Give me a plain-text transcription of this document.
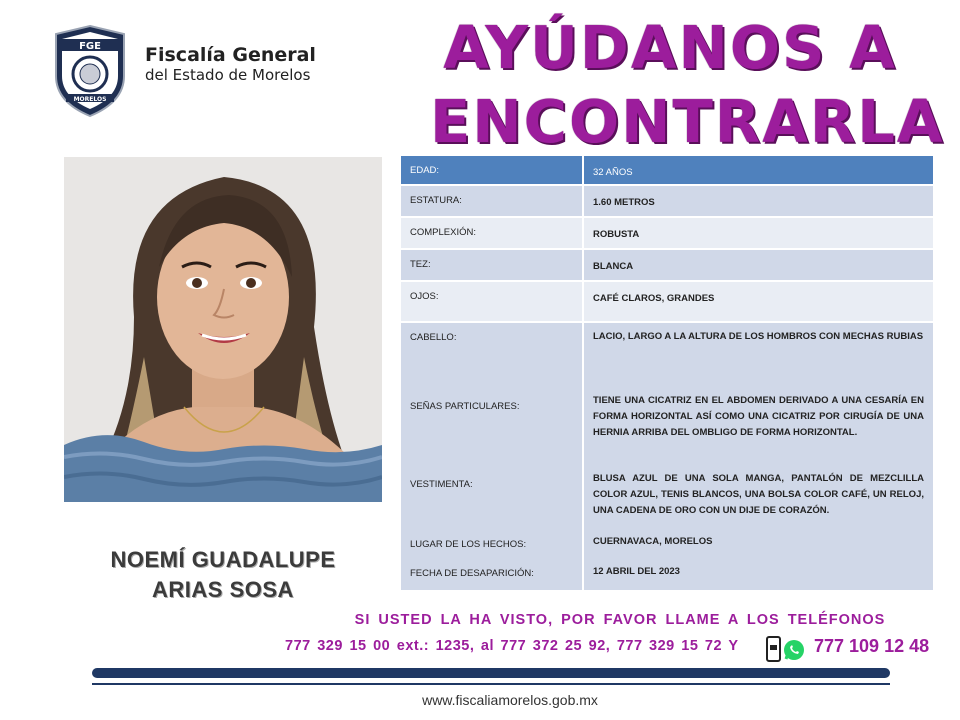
FGE
MORELOS
Fiscalía General
del Estado de Morelos AYÚDANOS A
ENCONTRARLA
NOEMÍ GUADALUPE
ARIAS SOSA
EDAD:	32 AÑOS
ESTATURA:	1.60 METROS
COMPLEXIÓN:	ROBUSTA
TEZ:	BLANCA
OJOS:	CAFÉ CLAROS, GRANDES
CABELLO:	LACIO, LARGO A LA ALTURA DE LOS HOMBROS CON MECHAS RUBIAS
SEÑAS PARTICULARES:
TIENE UNA CICATRIZ EN EL ABDOMEN DERIVADO A UNA CESARÍA EN FORMA HORIZONTAL ASÍ COMO UNA CICATRIZ POR CIRUGÍA DE UNA HERNIA ARRIBA DEL OMBLIGO DE FORMA HORIZONTAL.
VESTIMENTA:
BLUSA AZUL DE UNA SOLA MANGA, PANTALÓN DE MEZCLILLA COLOR AZUL, TENIS BLANCOS, UNA BOLSA COLOR CAFÉ, UN RELOJ, UNA CADENA DE ORO CON UN DIJE DE CORAZÓN.
LUGAR DE LOS HECHOS:	CUERNAVACA, MORELOS
FECHA DE DESAPARICIÓN:	12 ABRIL DEL 2023
SI USTED LA HA VISTO, POR FAVOR LLAME A LOS TELÉFONOS
777 329 15 00 ext.: 1235, al 777 372 25 92, 777 329 15 72 Y	777 109 12 48
www.fiscaliamorelos.gob.mx
